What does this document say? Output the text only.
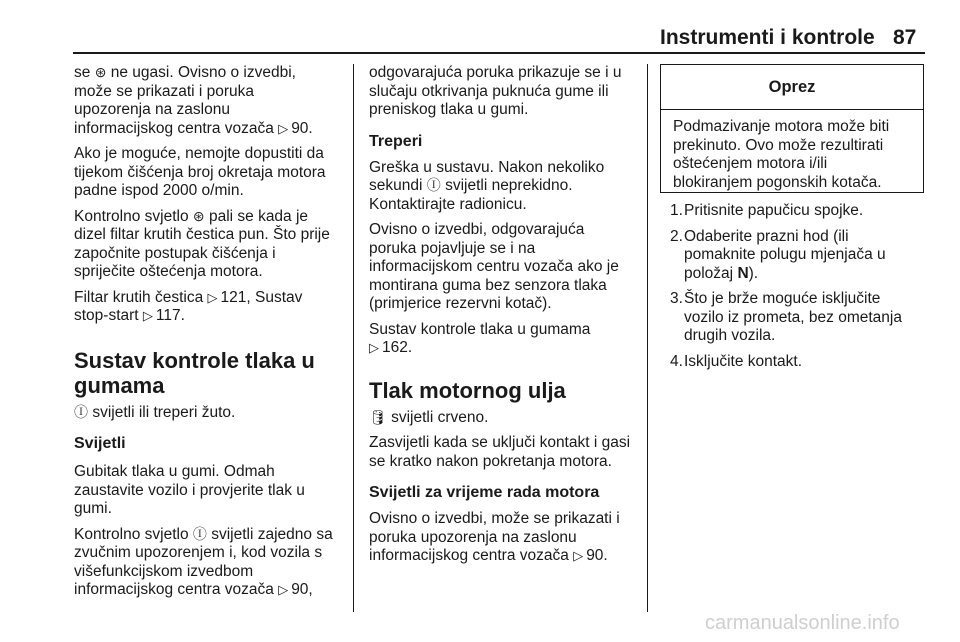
Instrumenti i kontrole 87

se ⊛ ne ugasi. Ovisno o izvedbi,
može se prikazati i poruka
upozorenja na zaslonu
informacijskog centra vozača ▷ 90.

Ako je moguće, nemojte dopustiti da
tijekom čišćenja broj okretaja motora
padne ispod 2000 o/min.

Kontrolno svjetlo ⊛ pali se kada je
dizel filtar krutih čestica pun. Što prije
započnite postupak čišćenja i
spriječite oštećenja motora.

Filtar krutih čestica ▷ 121, Sustav
stop-start ▷ 117.

Sustav kontrole tlaka u
gumama

Ⓘ svijetli ili treperi žuto.

Svijetli

Gubitak tlaka u gumi. Odmah
zaustavite vozilo i provjerite tlak u
gumi.

Kontrolno svjetlo Ⓘ svijetli zajedno sa
zvučnim upozorenjem i, kod vozila s
višefunkcijskom izvedbom
informacijskog centra vozača ▷ 90,

odgovarajuća poruka prikazuje se i u
slučaju otkrivanja puknuća gume ili
preniskog tlaka u gumi.

Treperi

Greška u sustavu. Nakon nekoliko
sekundi Ⓘ svijetli neprekidno.
Kontaktirajte radionicu.

Ovisno o izvedbi, odgovarajuća
poruka pojavljuje se i na
informacijskom centru vozača ako je
montirana guma bez senzora tlaka
(primjerice rezervni kotač).

Sustav kontrole tlaka u gumama
▷ 162.

Tlak motornog ulja

🛢 svijetli crveno.

Zasvijetli kada se uključi kontakt i gasi
se kratko nakon pokretanja motora.

Svijetli za vrijeme rada motora

Ovisno o izvedbi, može se prikazati i
poruka upozorenja na zaslonu
informacijskog centra vozača ▷ 90.

Oprez
Podmazivanje motora može biti
prekinuto. Ovo može rezultirati
oštećenjem motora i/ili
blokiranjem pogonskih kotača.
1. Pritisnite papučicu spojke.
2. Odaberite prazni hod (ili
pomaknite polugu mjenjača u
položaj N).
3. Što je brže moguće isključite
vozilo iz prometa, bez ometanja
drugih vozila.
4. Isključite kontakt.
carmanualsonline.info
